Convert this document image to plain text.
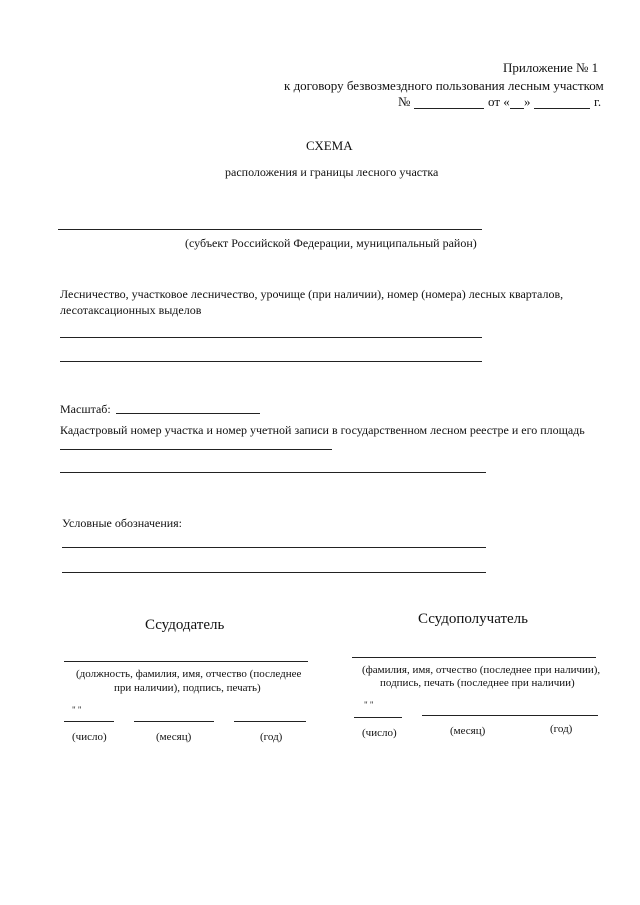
Приложение № 1
к договору безвозмездного пользования лесным участком
№	от « »	г.
СХЕМА
расположения и границы лесного участка
(субъект Российской Федерации, муниципальный район)
Лесничество, участковое лесничество, урочище (при наличии), номер (номера) лесных кварталов,
лесотаксационных выделов
Масштаб:
Кадастровый номер участка и номер учетной записи в государственном лесном реестре и его площадь
Условные обозначения:
Ссудодатель
(должность, фамилия, имя, отчество (последнее
при наличии), подпись, печать)
" "
(число)	(месяц)	(год)
Ссудополучатель
(фамилия, имя, отчество (последнее при наличии),
подпись, печать (последнее при наличии)
" "
(число)	(месяц)	(год)
